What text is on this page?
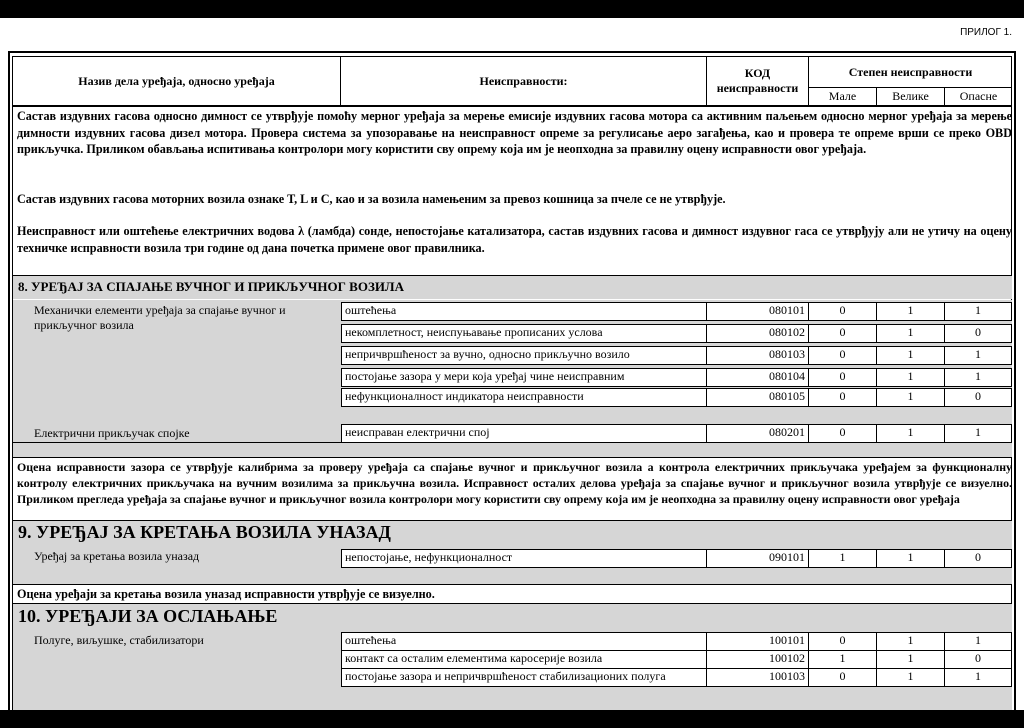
ПРИЛОГ 1.
Назив дела уређаја, односно уређаја	Неисправности:
КОД неисправности
Степен неисправности
Мале	Велике	Опасне
Састав издувних гасова односно димност се утврђује помоћу мерног уређаја за мерење емисије издувних гасова мотора са активним паљењем односно мерног уређаја за мерење димности издувних гасова дизел мотора. Провера система за упозоравање на неисправност опреме за регулисање аеро загађења, као и провера те опреме врши се преко OBD прикључка. Приликом обављања испитивања контролори могу користити сву опрему која им је неопходна за правилну оцену исправности овог уређаја.
Састав издувних гасова моторних возила ознаке Т, L и C, као и за возила намењеним за превоз кошница за пчеле се не утврђује.
Неисправност или оштећење електричних водова λ (ламбда) сонде, непостојање катализатора, састав издувних гасова и димност издувног гаса се утврђују али не утичу на оцену техничке исправности возила три године од дана почетка примене овог правилника.
8. УРЕЂАЈ ЗА СПАЈАЊЕ ВУЧНОГ И ПРИКЉУЧНОГ ВОЗИЛА
Механички елементи уређаја за спајање вучног и прикључног возила
оштећења	080101	0	1	1
некомплетност, неиспуњавање прописаних услова	080102	0	1	0
непричвршћеност за вучно, односно прикључно возило	080103	0	1	1
постојање зазора у мери која уређај чине неисправним	080104	0	1	1
нефункционалност индикатора неисправности	080105	0	1	0
Електрични прикључак спојке	неисправан електрични спој	080201	0	1	1
Оцена исправности зазора се утврђује калибрима за проверу уређаја са спајање вучног и прикључног возила а контрола електричних прикључака уређајем за функционалну контролу електричних прикључака на вучним возилима за прикључна возила. Исправност осталих делова уређаја за спајање вучног и прикључног возила утврђује се визуелно. Приликом прегледа уређаја за спајање вучног и прикључног возила контролори могу користити сву опрему која им је неопходна за правилну оцену исправности овог уређаја
9. УРЕЂАЈ ЗА КРЕТАЊА ВОЗИЛА УНАЗАД
Уређај за кретања возила уназад	непостојање, нефункционалност	090101	1	1	0
Оцена уређаји за кретања возила уназад исправности утврђује се визуелно.
10. УРЕЂАЈИ ЗА ОСЛАЊАЊЕ
Полуге, виљушке, стабилизатори	оштећења	100101	0	1	1
контакт са осталим елементима каросерије возила	100102	1	1	0
постојање зазора и непричвршћеност стабилизационих полуга	100103	0	1	1
